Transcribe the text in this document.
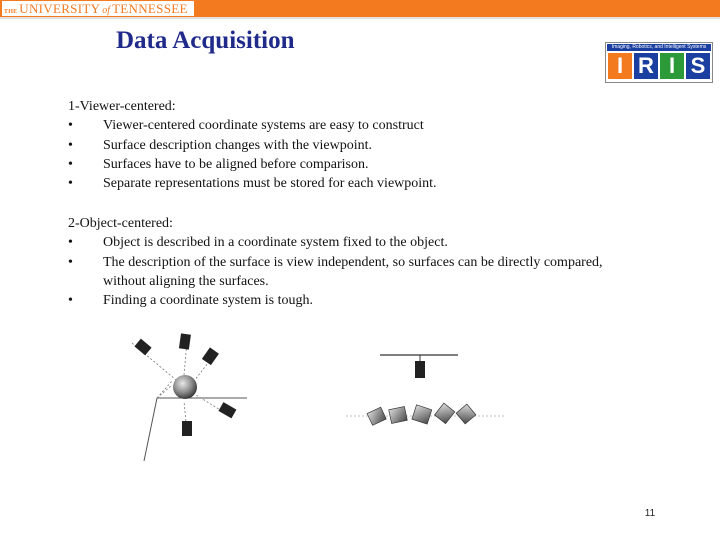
THE UNIVERSITY of TENNESSEE
Data Acquisition	Imaging, Robotics, and Intelligent Systems
I R I S
1-Viewer-centered:
•	Viewer-centered coordinate systems are easy to construct
•	Surface description changes with the viewpoint.
•	Surfaces have to be aligned before comparison.
•	Separate representations must be stored for each viewpoint.
2-Object-centered:
•	Object is described in a coordinate system fixed to the object.
•	The description of the surface is view independent, so surfaces can be directly compared, without aligning the surfaces.
•	Finding a coordinate system is tough.
11
